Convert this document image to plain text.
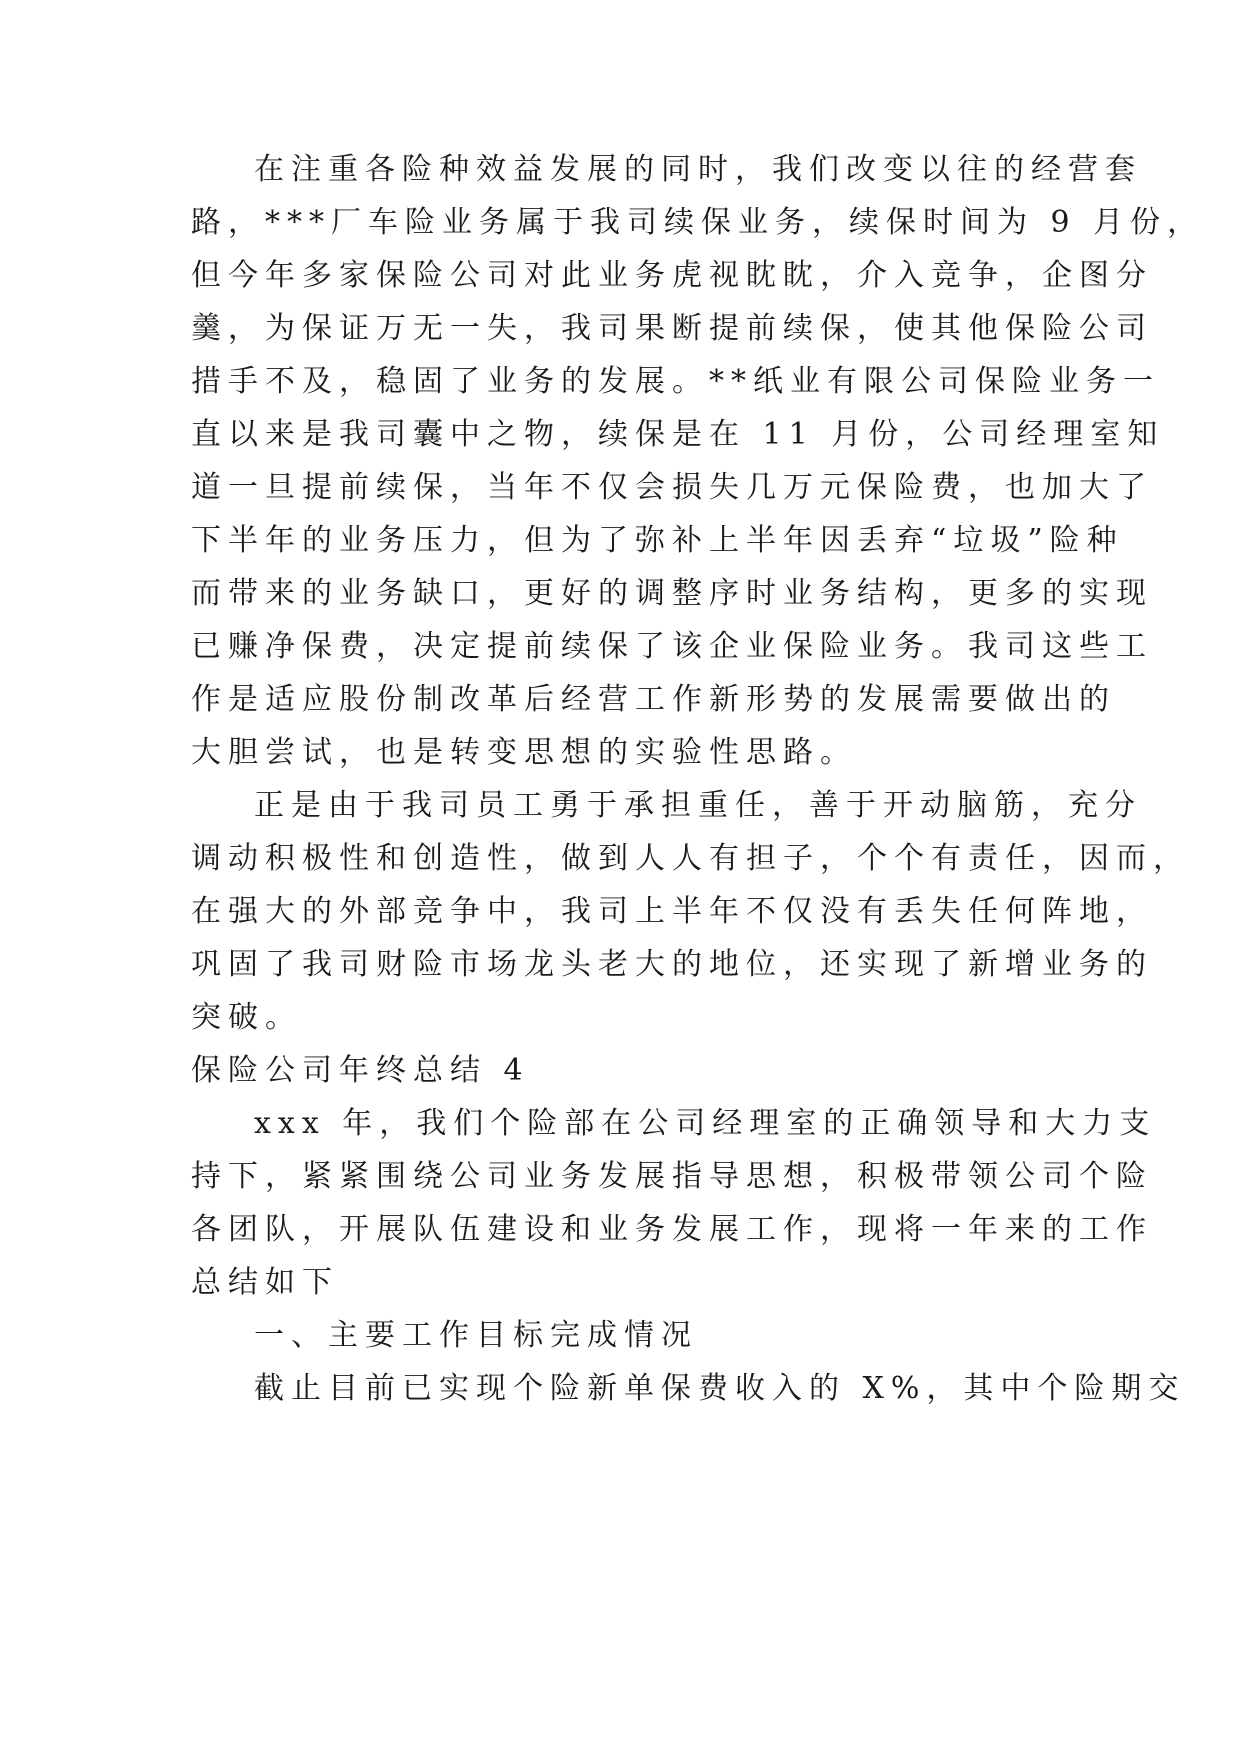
在注重各险种效益发展的同时，我们改变以往的经营套
路，***厂车险业务属于我司续保业务，续保时间为 9 月份，
但今年多家保险公司对此业务虎视眈眈，介入竞争，企图分
羹，为保证万无一失，我司果断提前续保，使其他保险公司
措手不及，稳固了业务的发展。**纸业有限公司保险业务一
直以来是我司囊中之物，续保是在 11 月份，公司经理室知
道一旦提前续保，当年不仅会损失几万元保险费，也加大了
下半年的业务压力，但为了弥补上半年因丢弃“垃圾”险种
而带来的业务缺口，更好的调整序时业务结构，更多的实现
已赚净保费，决定提前续保了该企业保险业务。我司这些工
作是适应股份制改革后经营工作新形势的发展需要做出的
大胆尝试，也是转变思想的实验性思路。
正是由于我司员工勇于承担重任，善于开动脑筋，充分
调动积极性和创造性，做到人人有担子，个个有责任，因而，
在强大的外部竞争中，我司上半年不仅没有丢失任何阵地，
巩固了我司财险市场龙头老大的地位，还实现了新增业务的
突破。
保险公司年终总结 4
xxx 年，我们个险部在公司经理室的正确领导和大力支
持下，紧紧围绕公司业务发展指导思想，积极带领公司个险
各团队，开展队伍建设和业务发展工作，现将一年来的工作
总结如下
一、主要工作目标完成情况
截止目前已实现个险新单保费收入的 X%，其中个险期交
